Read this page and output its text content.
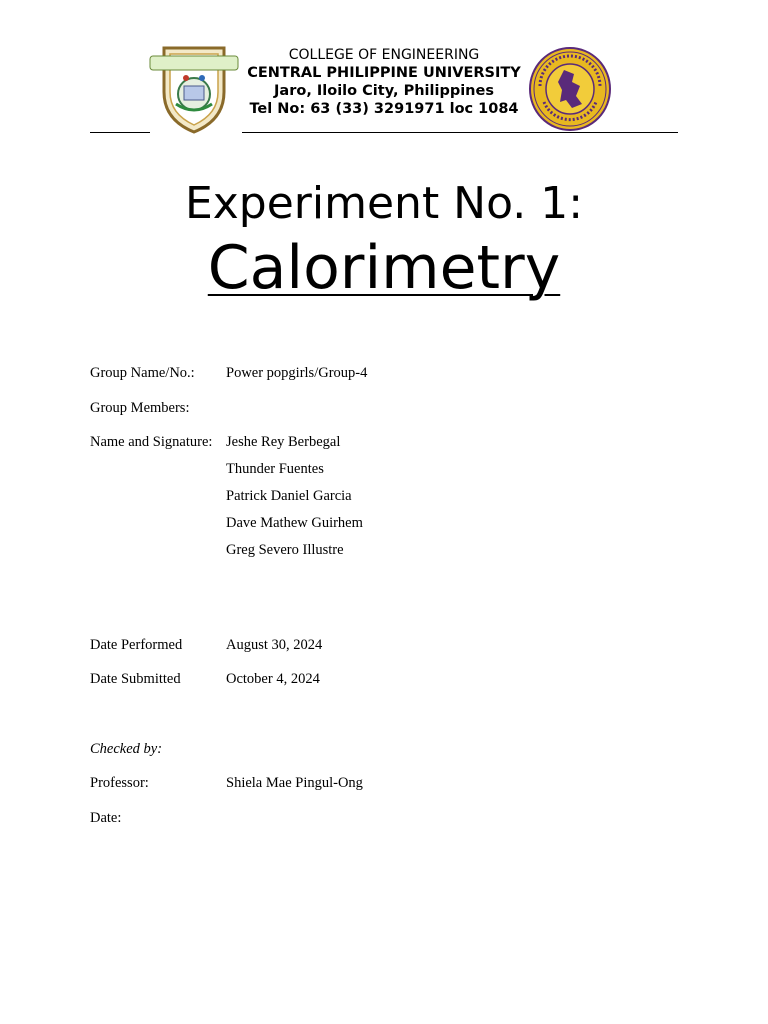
COLLEGE OF ENGINEERING
CENTRAL PHILIPPINE UNIVERSITY
Jaro, Iloilo City, Philippines
Tel No: 63 (33) 3291971 loc 1084
Experiment No. 1:
Calorimetry
Group Name/No.: Power popgirls/Group-4
Group Members:
Name and Signature: Jeshe Rey Berbegal
Thunder Fuentes
Patrick Daniel Garcia
Dave Mathew Guirhem
Greg Severo Illustre
Date Performed	August 30, 2024
Date Submitted	October 4, 2024
Checked by:
Professor:	Shiela Mae Pingul-Ong
Date:
